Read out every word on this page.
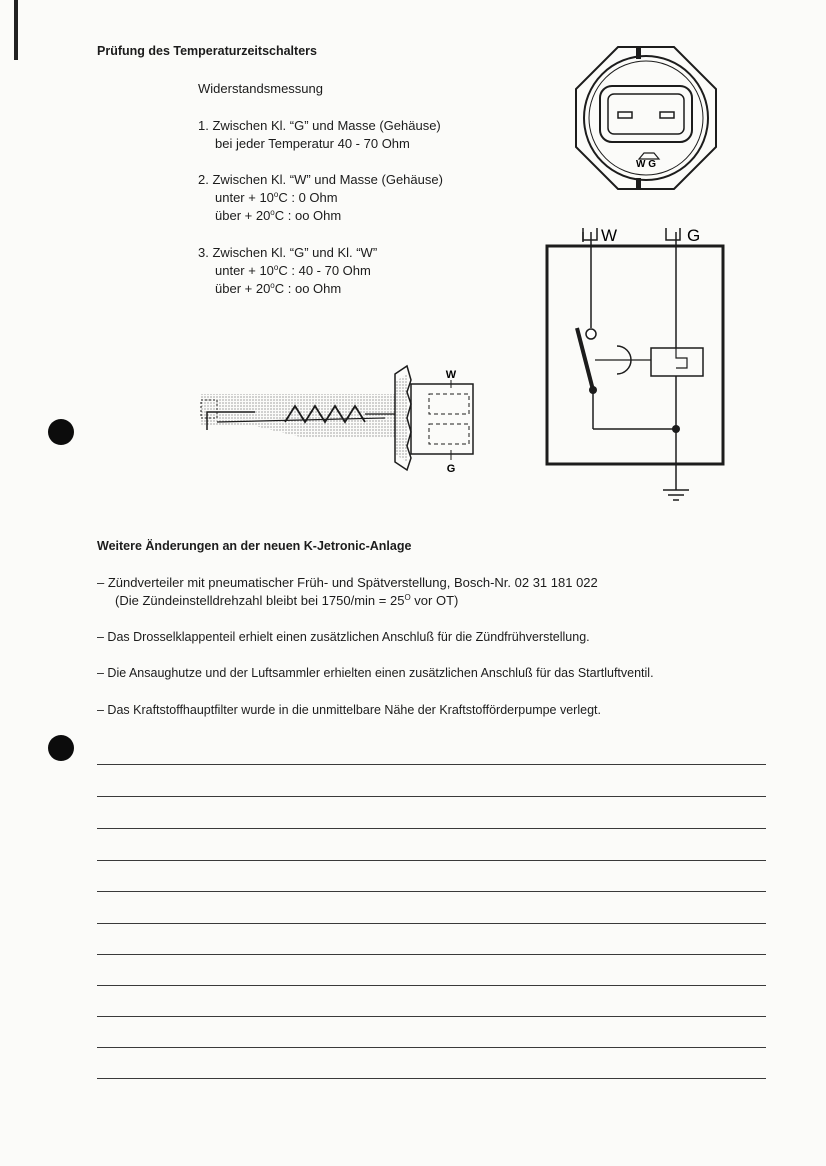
Prüfung des Temperaturzeitschalters
Widerstandsmessung
1. Zwischen Kl. “G” und Masse (Gehäuse)
bei jeder Temperatur 40 - 70 Ohm
2. Zwischen Kl. “W” und Masse (Gehäuse)
unter + $10^oC$ : 0 Ohm
über + $20^oC$ : oo Ohm
3. Zwischen Kl. “G” und Kl. “W”
unter + $10^oC$ : 40 - 70 Ohm
über + $20^oC$ : oo Ohm
W G
W	G
W
G
Weitere Änderungen an der neuen K-Jetronic-Anlage
– Zündverteiler mit pneumatischer Früh- und Spätverstellung, Bosch-Nr. 02 31 181 022
(Die Zündeinstelldrehzahl bleibt bei $1750/\min = 25^O$ vor OT)
– Das Drosselklappenteil erhielt einen zusätzlichen Anschluß für die Zündfrühverstellung.
– Die Ansaughutze und der Luftsammler erhielten einen zusätzlichen Anschluß für das Startluftventil.
– Das Kraftstoffhauptfilter wurde in die unmittelbare Nähe der Kraftstofförderpumpe verlegt.
